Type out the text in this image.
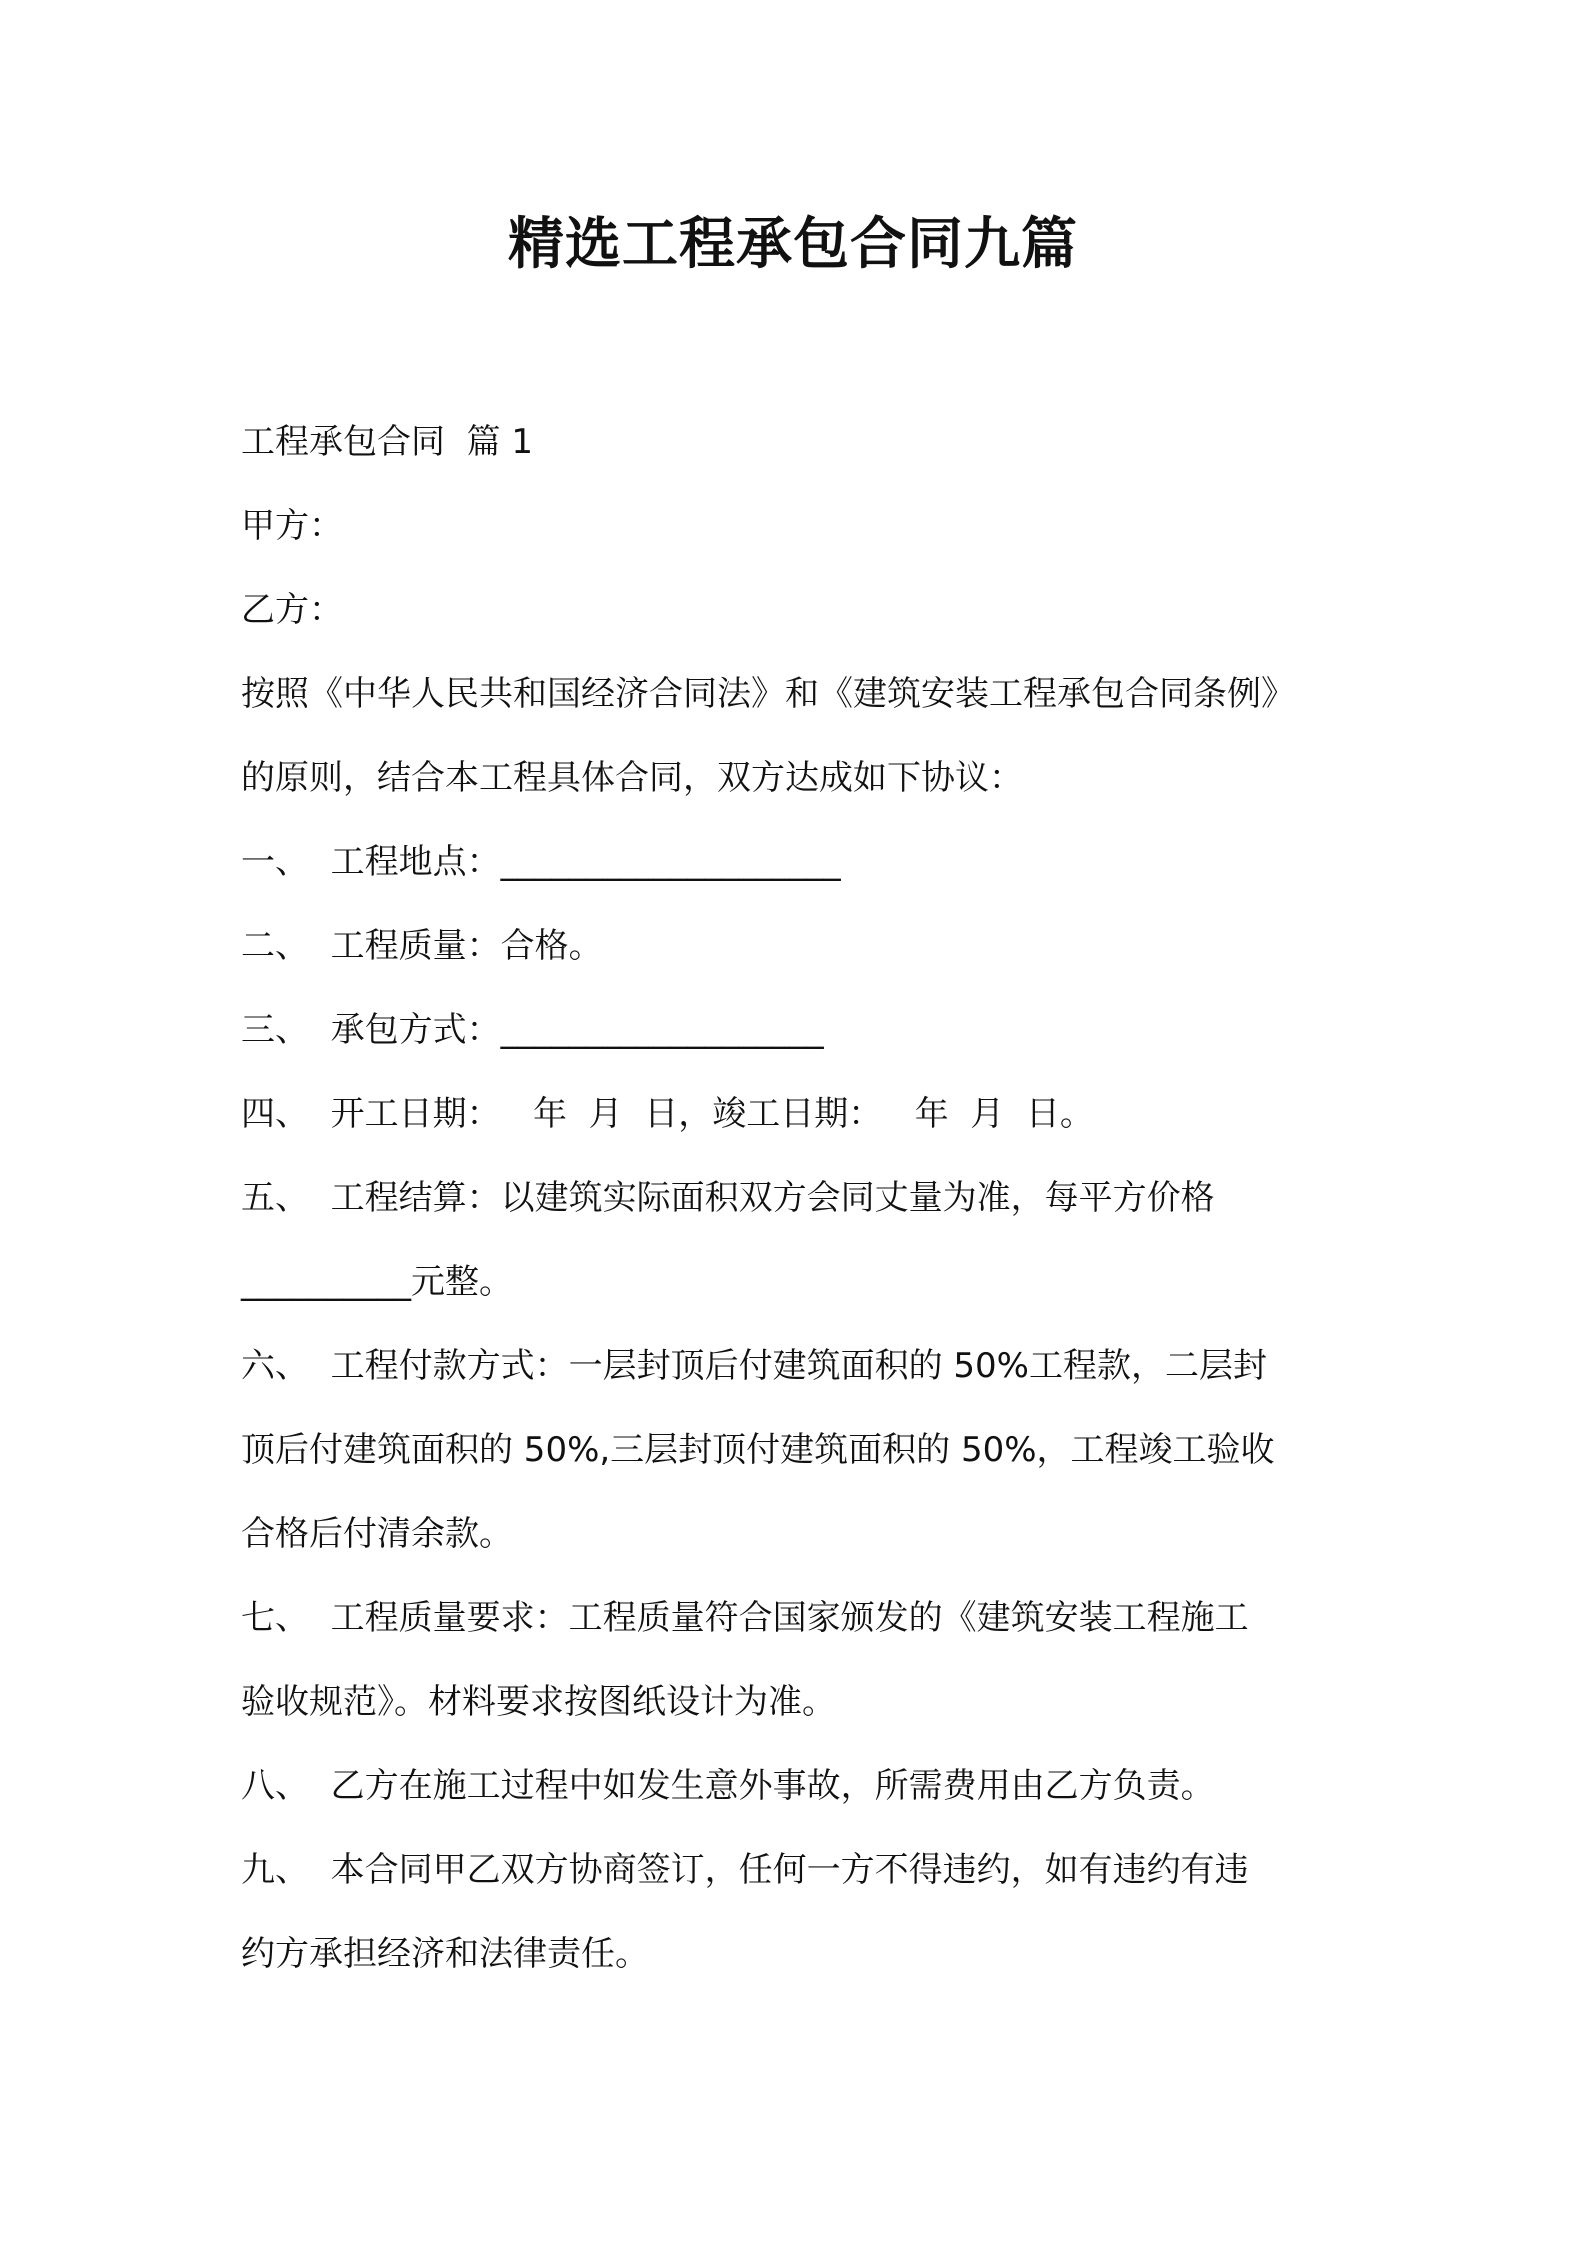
精选工程承包合同九篇
工程承包合同  篇 1
甲方：
乙方：
按照《中华人民共和国经济合同法》和《建筑安装工程承包合同条例》
的原则，结合本工程具体合同，双方达成如下协议：
一、  工程地点：____________________
二、  工程质量：合格。
三、  承包方式：___________________
四、  开工日期：   年  月  日，竣工日期：   年  月  日。
五、  工程结算：以建筑实际面积双方会同丈量为准，每平方价格
__________元整。
六、  工程付款方式：一层封顶后付建筑面积的 50%工程款，二层封
顶后付建筑面积的 50%,三层封顶付建筑面积的 50%，工程竣工验收
合格后付清余款。
七、  工程质量要求：工程质量符合国家颁发的《建筑安装工程施工
验收规范》。材料要求按图纸设计为准。
八、  乙方在施工过程中如发生意外事故，所需费用由乙方负责。
九、  本合同甲乙双方协商签订，任何一方不得违约，如有违约有违
约方承担经济和法律责任。
